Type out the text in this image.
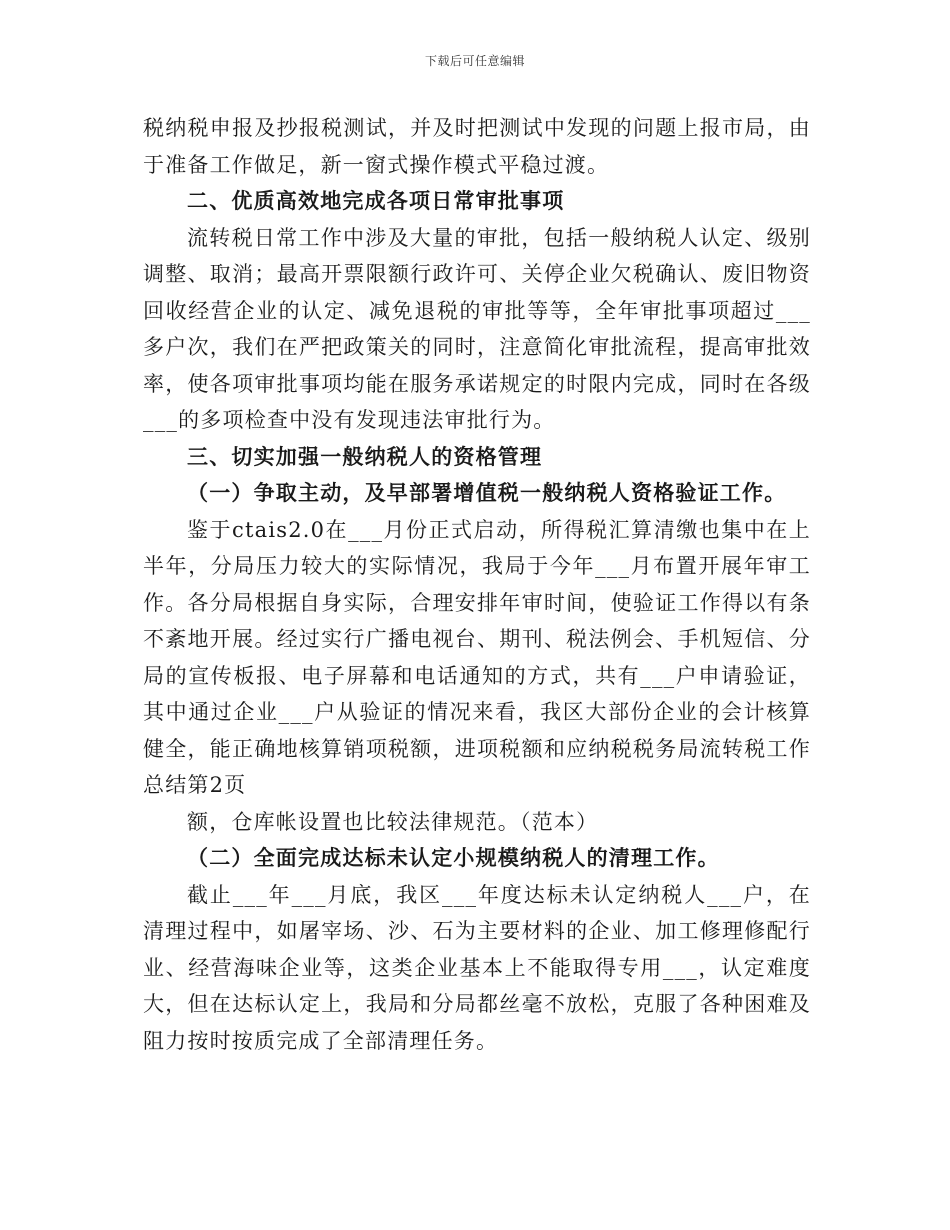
下载后可任意编辑

税纳税申报及抄报税测试，并及时把测试中发现的问题上报市局，由于准备工作做足，新一窗式操作模式平稳过渡。

二、优质高效地完成各项日常审批事项

流转税日常工作中涉及大量的审批，包括一般纳税人认定、级别调整、取消；最高开票限额行政许可、关停企业欠税确认、废旧物资回收经营企业的认定、减免退税的审批等等，全年审批事项超过___多户次，我们在严把政策关的同时，注意简化审批流程，提高审批效率，使各项审批事项均能在服务承诺规定的时限内完成，同时在各级___的多项检查中没有发现违法审批行为。

三、切实加强一般纳税人的资格管理

（一）争取主动，及早部署增值税一般纳税人资格验证工作。

鉴于ctais2.0在___月份正式启动，所得税汇算清缴也集中在上半年，分局压力较大的实际情况，我局于今年___月布置开展年审工作。各分局根据自身实际，合理安排年审时间，使验证工作得以有条不紊地开展。经过实行广播电视台、期刊、税法例会、手机短信、分局的宣传板报、电子屏幕和电话通知的方式，共有___户申请验证，其中通过企业___户从验证的情况来看，我区大部份企业的会计核算健全，能正确地核算销项税额，进项税额和应纳税税务局流转税工作总结第2页

额，仓库帐设置也比较法律规范。（范本）

（二）全面完成达标未认定小规模纳税人的清理工作。

截止___年___月底，我区___年度达标未认定纳税人___户，在清理过程中，如屠宰场、沙、石为主要材料的企业、加工修理修配行业、经营海味企业等，这类企业基本上不能取得专用___，认定难度大，但在达标认定上，我局和分局都丝毫不放松，克服了各种困难及阻力按时按质完成了全部清理任务。
